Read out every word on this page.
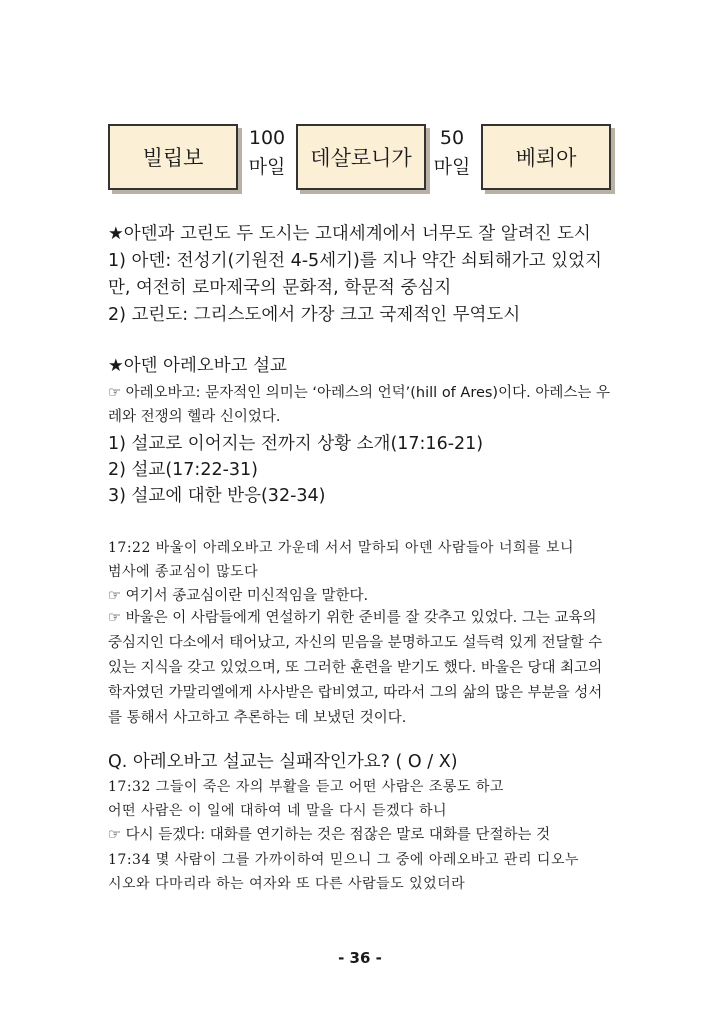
빌립보
100
마일	데살로니가
50
마일	베뢰아
★아덴과 고린도 두 도시는 고대세계에서 너무도 잘 알려진 도시
1) 아덴: 전성기(기원전 4-5세기)를 지나 약간 쇠퇴해가고 있었지
만, 여전히 로마제국의 문화적, 학문적 중심지
2) 고린도: 그리스도에서 가장 크고 국제적인 무역도시
★아덴 아레오바고 설교
☞ 아레오바고: 문자적인 의미는 ‘아레스의 언덕’(hill of Ares)이다. 아레스는 우
레와 전쟁의 헬라 신이었다.
1) 설교로 이어지는 전까지 상황 소개(17:16-21)
2) 설교(17:22-31)
3) 설교에 대한 반응(32-34)
17:22 바울이 아레오바고 가운데 서서 말하되 아덴 사람들아 너희를 보니
범사에 종교심이 많도다
☞ 여기서 종교심이란 미신적임을 말한다.
☞ 바울은 이 사람들에게 연설하기 위한 준비를 잘 갖추고 있었다. 그는 교육의
중심지인 다소에서 태어났고, 자신의 믿음을 분명하고도 설득력 있게 전달할 수
있는 지식을 갖고 있었으며, 또 그러한 훈련을 받기도 했다. 바울은 당대 최고의
학자였던 가말리엘에게 사사받은 랍비였고, 따라서 그의 삶의 많은 부분을 성서
를 통해서 사고하고 추론하는 데 보냈던 것이다.
Q. 아레오바고 설교는 실패작인가요? ( O / X)
17:32 그들이 죽은 자의 부활을 듣고 어떤 사람은 조롱도 하고
어떤 사람은 이 일에 대하여 네 말을 다시 듣겠다 하니
☞ 다시 듣겠다: 대화를 연기하는 것은 점잖은 말로 대화를 단절하는 것
17:34 몇 사람이 그를 가까이하여 믿으니 그 중에 아레오바고 관리 디오누
시오와 다마리라 하는 여자와 또 다른 사람들도 있었더라
- 36 -
